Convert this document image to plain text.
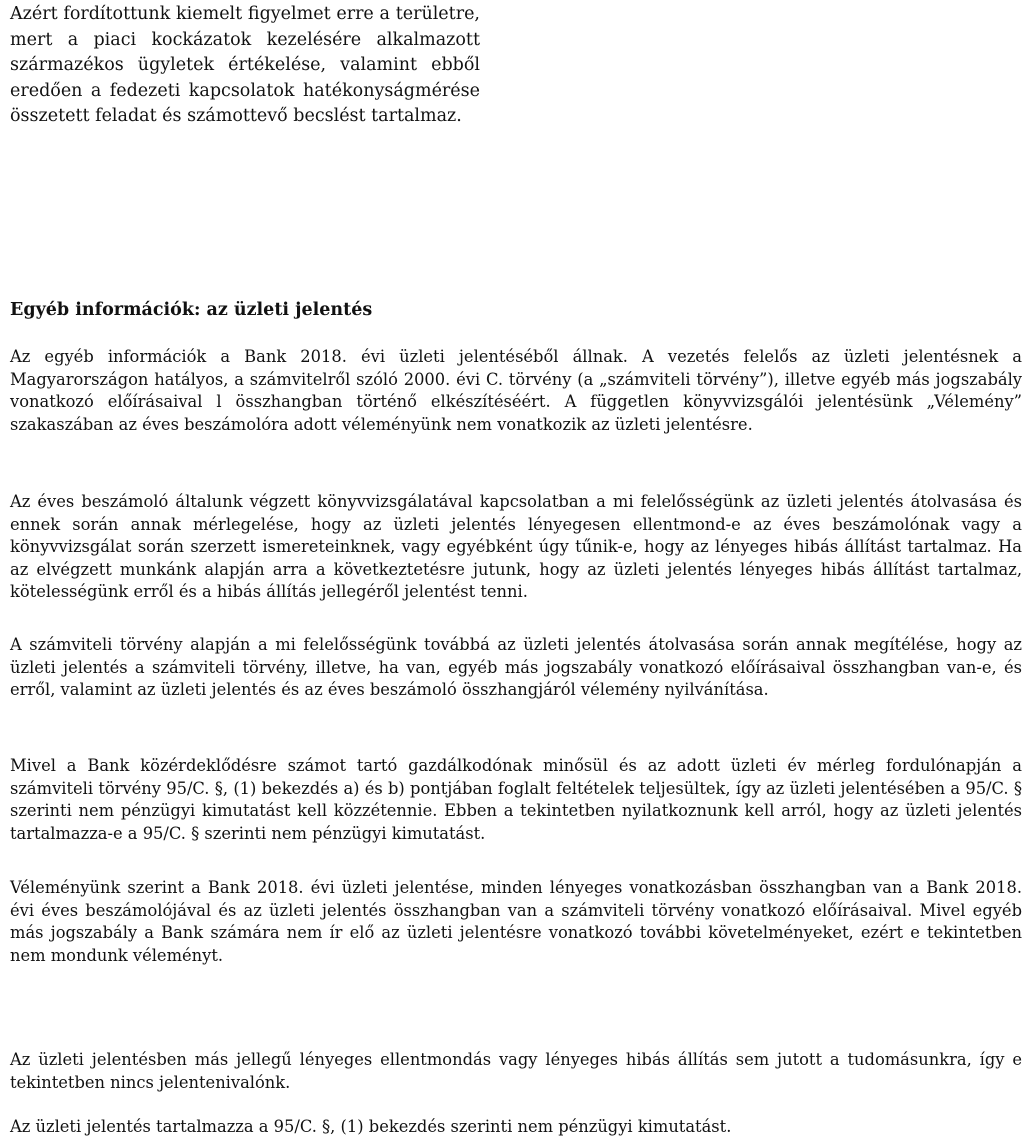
Azért fordítottunk kiemelt figyelmet erre a területre, mert a piaci kockázatok kezelésére alkalmazott származékos ügyletek értékelése, valamint ebből eredően a fedezeti kapcsolatok hatékonyságmérése összetett feladat és számottevő becslést tartalmaz.

Egyéb információk: az üzleti jelentés

Az egyéb információk a Bank 2018. évi üzleti jelentéséből állnak. A vezetés felelős az üzleti jelentésnek a Magyarországon hatályos, a számvitelről szóló 2000. évi C. törvény (a „számviteli törvény”), illetve egyéb más jogszabály vonatkozó előírásaival l összhangban történő elkészítéséért. A független könyvvizsgálói jelentésünk „Vélemény” szakaszában az éves beszámolóra adott véleményünk nem vonatkozik az üzleti jelentésre.

Az éves beszámoló általunk végzett könyvvizsgálatával kapcsolatban a mi felelősségünk az üzleti jelentés átolvasása és ennek során annak mérlegelése, hogy az üzleti jelentés lényegesen ellentmond-e az éves beszámolónak vagy a könyvvizsgálat során szerzett ismereteinknek, vagy egyébként úgy tűnik-e, hogy az lényeges hibás állítást tartalmaz. Ha az elvégzett munkánk alapján arra a következtetésre jutunk, hogy az üzleti jelentés lényeges hibás állítást tartalmaz, kötelességünk erről és a hibás állítás jellegéről jelentést tenni.

A számviteli törvény alapján a mi felelősségünk továbbá az üzleti jelentés átolvasása során annak megítélése, hogy az üzleti jelentés a számviteli törvény, illetve, ha van, egyéb más jogszabály vonatkozó előírásaival összhangban van-e, és erről, valamint az üzleti jelentés és az éves beszámoló összhangjáról vélemény nyilvánítása.

Mivel a Bank közérdeklődésre számot tartó gazdálkodónak minősül és az adott üzleti év mérleg fordulónapján a számviteli törvény 95/C. §, (1) bekezdés a) és b) pontjában foglalt feltételek teljesültek, így az üzleti jelentésében a 95/C. § szerinti nem pénzügyi kimutatást kell közzétennie. Ebben a tekintetben nyilatkoznunk kell arról, hogy az üzleti jelentés tartalmazza-e a 95/C. § szerinti nem pénzügyi kimutatást.

Véleményünk szerint a Bank 2018. évi üzleti jelentése, minden lényeges vonatkozásban összhangban van a Bank 2018. évi éves beszámolójával és az üzleti jelentés összhangban van a számviteli törvény vonatkozó előírásaival. Mivel egyéb más jogszabály a Bank számára nem ír elő az üzleti jelentésre vonatkozó további követelményeket, ezért e tekintetben nem mondunk véleményt.

Az üzleti jelentésben más jellegű lényeges ellentmondás vagy lényeges hibás állítás sem jutott a tudomásunkra, így e tekintetben nincs jelentenivalónk.

Az üzleti jelentés tartalmazza a 95/C. §, (1) bekezdés szerinti nem pénzügyi kimutatást.
